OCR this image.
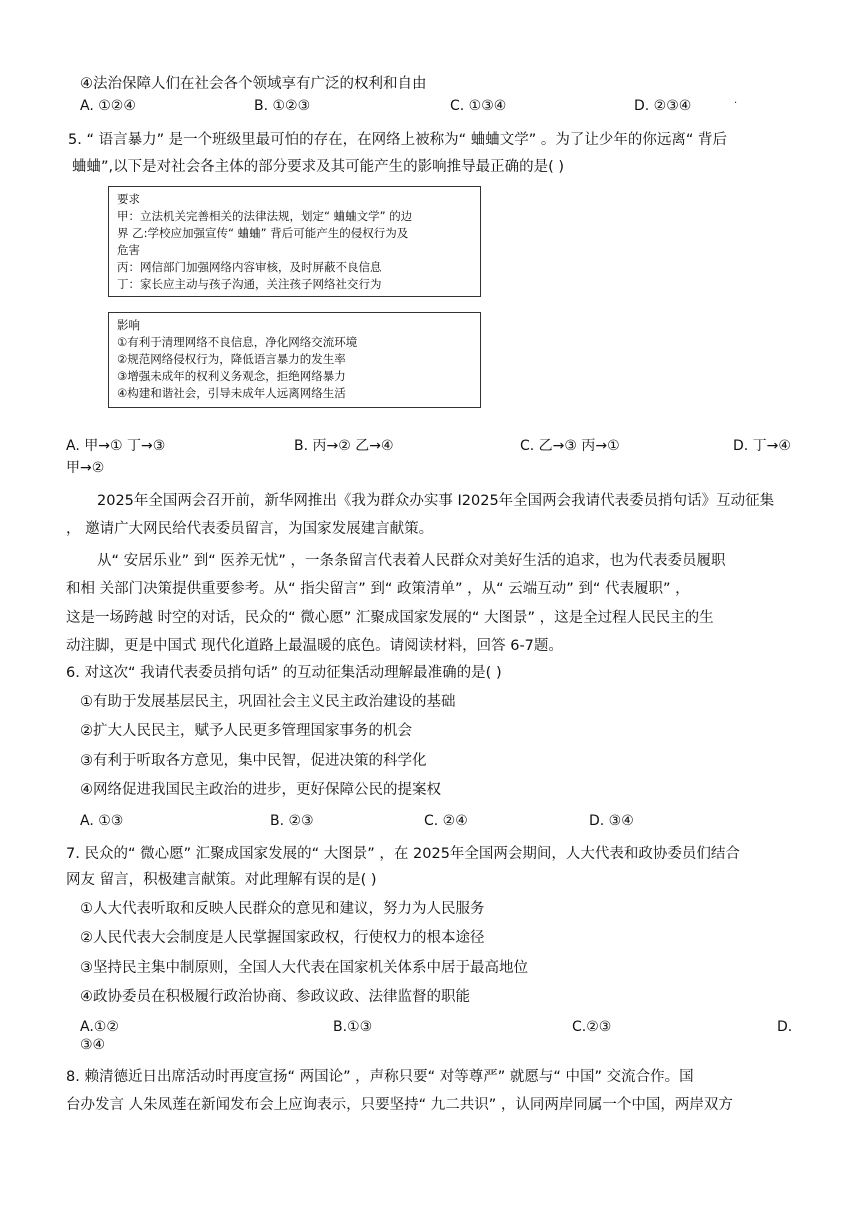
④法治保障人们在社会各个领域享有广泛的权利和自由
A. ①②④	B. ①②③	C. ①③④	D. ②③④	·
5. “ 语言暴力” 是一个班级里最可怕的存在，在网络上被称为“ 蛐蛐文学” 。为了让少年的你远离“ 背后
蛐蛐”,以下是对社会各主体的部分要求及其可能产生的影响推导最正确的是( )
要求
甲：立法机关完善相关的法律法规，划定“ 蛐蛐文学” 的边
界 乙:学校应加强宣传“ 蛐蛐” 背后可能产生的侵权行为及
危害
丙：网信部门加强网络内容审核，及时屏蔽不良信息
丁：家长应主动与孩子沟通，关注孩子网络社交行为
影响
①有利于清理网络不良信息，净化网络交流环境
②规范网络侵权行为，降低语言暴力的发生率
③增强未成年的权利义务观念，拒绝网络暴力
④构建和谐社会，引导未成年人远离网络生活
A. 甲→① 丁→③	B. 丙→② 乙→④	C. 乙→③ 丙→①	D. 丁→④
甲→②
2025年全国两会召开前，新华网推出《我为群众办实事 I2025年全国两会我请代表委员捎句话》互动征集
， 邀请广大网民给代表委员留言，为国家发展建言献策。
从“ 安居乐业” 到“ 医养无忧” ，一条条留言代表着人民群众对美好生活的追求，也为代表委员履职
和相 关部门决策提供重要参考。从“ 指尖留言” 到“ 政策清单” ，从“ 云端互动” 到“ 代表履职” ，
这是一场跨越 时空的对话，民众的“ 微心愿” 汇聚成国家发展的“ 大图景” ，这是全过程人民民主的生
动注脚，更是中国式 现代化道路上最温暖的底色。请阅读材料，回答 6-7题。
6. 对这次“ 我请代表委员捎句话” 的互动征集活动理解最准确的是( )
①有助于发展基层民主，巩固社会主义民主政治建设的基础
②扩大人民民主，赋予人民更多管理国家事务的机会
③有利于听取各方意见，集中民智，促进决策的科学化
④网络促进我国民主政治的进步，更好保障公民的提案权
A. ①③	B. ②③	C. ②④	D. ③④
7. 民众的“ 微心愿” 汇聚成国家发展的“ 大图景” ，在 2025年全国两会期间，人大代表和政协委员们结合
网友 留言，积极建言献策。对此理解有误的是( )
①人大代表听取和反映人民群众的意见和建议，努力为人民服务
②人民代表大会制度是人民掌握国家政权，行使权力的根本途径
③坚持民主集中制原则，全国人大代表在国家机关体系中居于最高地位
④政协委员在积极履行政治协商、参政议政、法律监督的职能
A.①②	B.①③	C.②③	D.
③④
8. 赖清德近日出席活动时再度宣扬“ 两国论” ，声称只要“ 对等尊严” 就愿与“ 中国” 交流合作。国
台办发言 人朱凤莲在新闻发布会上应询表示，只要坚持“ 九二共识” ，认同两岸同属一个中国，两岸双方
